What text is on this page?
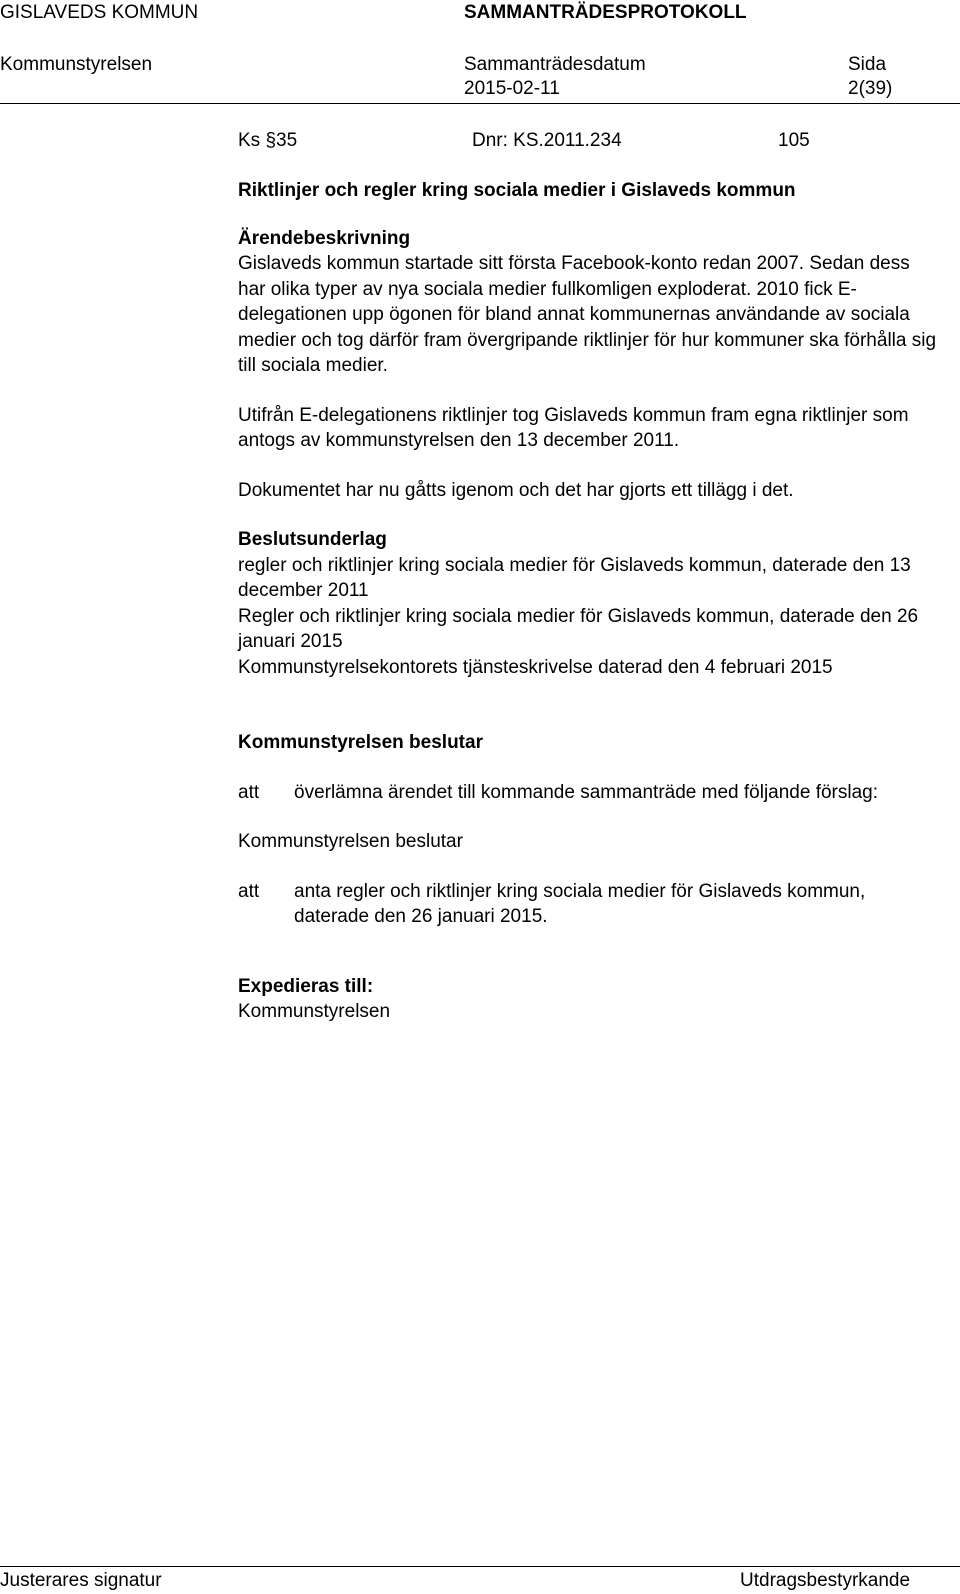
GISLAVEDS KOMMUN	SAMMANTRÄDESPROTOKOLL
Kommunstyrelsen	Sammanträdesdatum	Sida
2015-02-11	2(39)
Ks §35	Dnr: KS.2011.234	105

Riktlinjer och regler kring sociala medier i Gislaveds kommun

Ärendebeskrivning

Gislaveds kommun startade sitt första Facebook-konto redan 2007. Sedan dess har olika typer av nya sociala medier fullkomligen exploderat. 2010 fick E-delegationen upp ögonen för bland annat kommunernas användande av sociala medier och tog därför fram övergripande riktlinjer för hur kommuner ska förhålla sig till sociala medier.

Utifrån E-delegationens riktlinjer tog Gislaveds kommun fram egna riktlinjer som antogs av kommunstyrelsen den 13 december 2011.

Dokumentet har nu gåtts igenom och det har gjorts ett tillägg i det.

Beslutsunderlag

regler och riktlinjer kring sociala medier för Gislaveds kommun, daterade den 13 december 2011

Regler och riktlinjer kring sociala medier för Gislaveds kommun, daterade den 26 januari 2015

Kommunstyrelsekontorets tjänsteskrivelse daterad den 4 februari 2015

Kommunstyrelsen beslutar

att	överlämna ärendet till kommande sammanträde med följande förslag:

Kommunstyrelsen beslutar

att	anta regler och riktlinjer kring sociala medier för Gislaveds kommun, daterade den 26 januari 2015.

Expedieras till:

Kommunstyrelsen

Justerares signatur	Utdragsbestyrkande
